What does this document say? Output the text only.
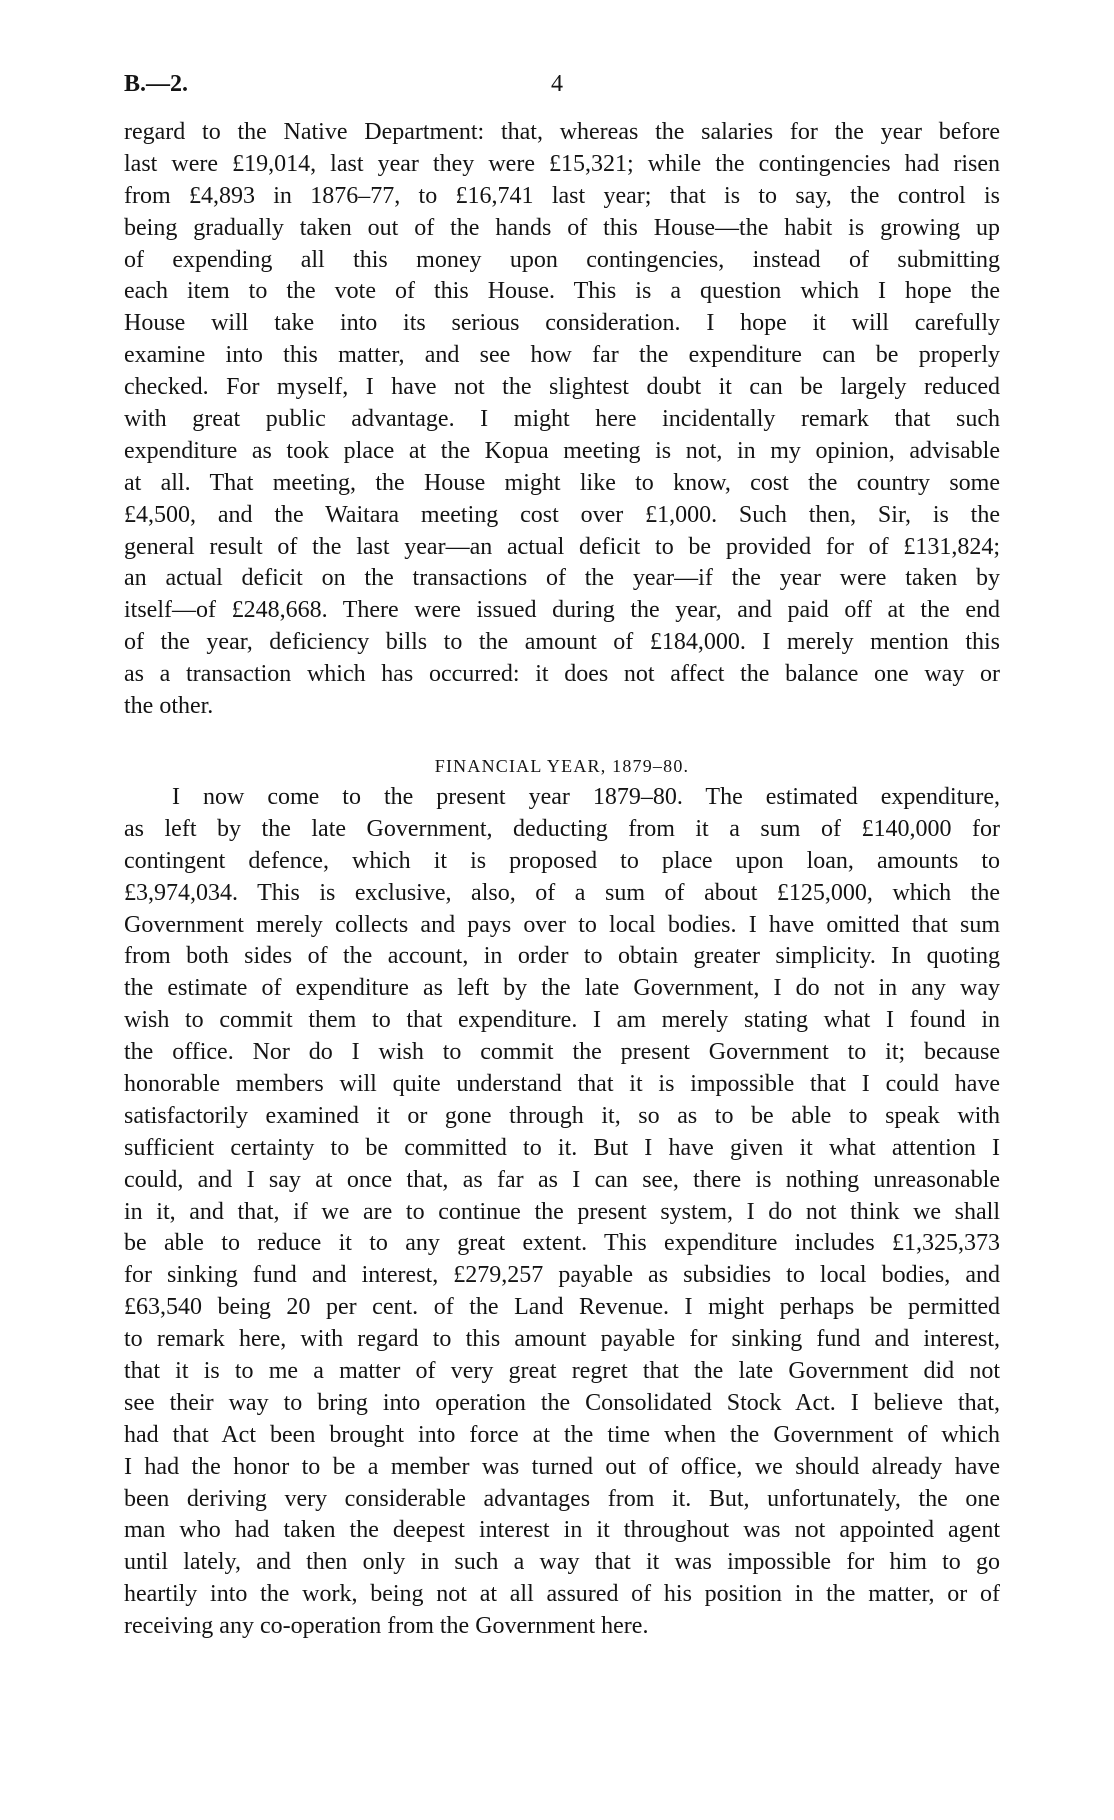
B.—2.	4
regard to the Native Department: that, whereas the salaries for the year before
last were £19,014, last year they were £15,321; while the contingencies had risen
from £4,893 in 1876–77, to £16,741 last year; that is to say, the control is
being gradually taken out of the hands of this House—the habit is growing up
of expending all this money upon contingencies, instead of submitting
each item to the vote of this House. This is a question which I hope the
House will take into its serious consideration. I hope it will carefully
examine into this matter, and see how far the expenditure can be properly
checked. For myself, I have not the slightest doubt it can be largely reduced
with great public advantage. I might here incidentally remark that such
expenditure as took place at the Kopua meeting is not, in my opinion, advisable
at all. That meeting, the House might like to know, cost the country some
£4,500, and the Waitara meeting cost over £1,000. Such then, Sir, is the
general result of the last year—an actual deficit to be provided for of £131,824;
an actual deficit on the transactions of the year—if the year were taken by
itself—of £248,668. There were issued during the year, and paid off at the end
of the year, deficiency bills to the amount of £184,000. I merely mention this
as a transaction which has occurred: it does not affect the balance one way or
the other.
FINANCIAL YEAR, 1879–80.
I now come to the present year 1879–80. The estimated expenditure,
as left by the late Government, deducting from it a sum of £140,000 for
contingent defence, which it is proposed to place upon loan, amounts to
£3,974,034. This is exclusive, also, of a sum of about £125,000, which the
Government merely collects and pays over to local bodies. I have omitted that sum
from both sides of the account, in order to obtain greater simplicity. In quoting
the estimate of expenditure as left by the late Government, I do not in any way
wish to commit them to that expenditure. I am merely stating what I found in
the office. Nor do I wish to commit the present Government to it; because
honorable members will quite understand that it is impossible that I could have
satisfactorily examined it or gone through it, so as to be able to speak with
sufficient certainty to be committed to it. But I have given it what attention I
could, and I say at once that, as far as I can see, there is nothing unreasonable
in it, and that, if we are to continue the present system, I do not think we shall
be able to reduce it to any great extent. This expenditure includes £1,325,373
for sinking fund and interest, £279,257 payable as subsidies to local bodies, and
£63,540 being 20 per cent. of the Land Revenue. I might perhaps be permitted
to remark here, with regard to this amount payable for sinking fund and interest,
that it is to me a matter of very great regret that the late Government did not
see their way to bring into operation the Consolidated Stock Act. I believe that,
had that Act been brought into force at the time when the Government of which
I had the honor to be a member was turned out of office, we should already have
been deriving very considerable advantages from it. But, unfortunately, the one
man who had taken the deepest interest in it throughout was not appointed agent
until lately, and then only in such a way that it was impossible for him to go
heartily into the work, being not at all assured of his position in the matter, or of
receiving any co-operation from the Government here.
